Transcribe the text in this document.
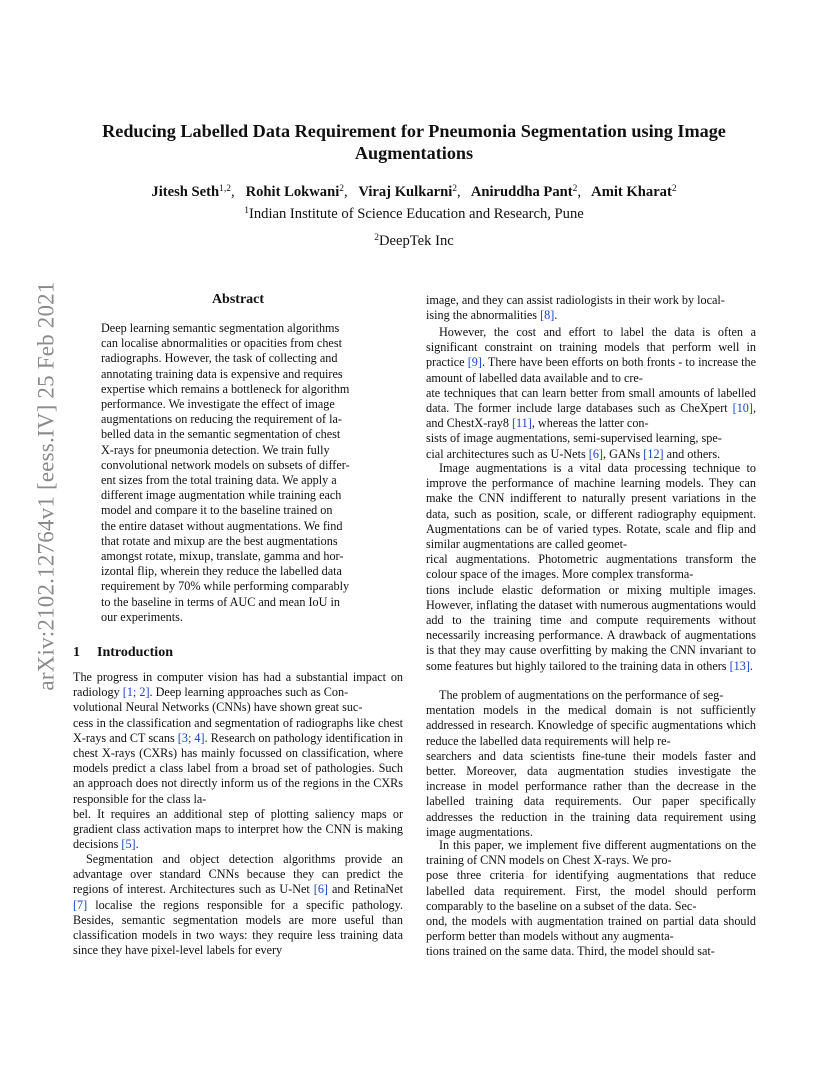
Reducing Labelled Data Requirement for Pneumonia Segmentation using Image Augmentations
Jitesh Seth$^{1,2}$,   Rohit Lokwani$^2$,   Viraj Kulkarni$^2$,   Aniruddha Pant$^2$,   Amit Kharat$^2$
$^1$Indian Institute of Science Education and Research, Pune
$^2$DeepTek Inc
arXiv:2102.12764v1 [eess.IV] 25 Feb 2021	Abstract
Deep learning semantic segmentation algorithms
can localise abnormalities or opacities from chest
radiographs. However, the task of collecting and
annotating training data is expensive and requires
expertise which remains a bottleneck for algorithm
performance. We investigate the effect of image
augmentations on reducing the requirement of la-
belled data in the semantic segmentation of chest
X-rays for pneumonia detection. We train fully
convolutional network models on subsets of differ-
ent sizes from the total training data. We apply a
different image augmentation while training each
model and compare it to the baseline trained on
the entire dataset without augmentations. We find
that rotate and mixup are the best augmentations
amongst rotate, mixup, translate, gamma and hor-
izontal flip, wherein they reduce the labelled data
requirement by 70% while performing comparably
to the baseline in terms of AUC and mean IoU in
our experiments.
1 Introduction
The progress in computer vision has had a substantial impact on radiology [1; 2]. Deep learning approaches such as Con-
volutional Neural Networks (CNNs) have shown great suc-
cess in the classification and segmentation of radiographs like chest X-rays and CT scans [3; 4]. Research on pathology identification in chest X-rays (CXRs) has mainly focussed on classification, where models predict a class label from a broad set of pathologies. Such an approach does not directly inform us of the regions in the CXRs responsible for the class la-
bel. It requires an additional step of plotting saliency maps or gradient class activation maps to interpret how the CNN is making decisions [5].
Segmentation and object detection algorithms provide an advantage over standard CNNs because they can predict the regions of interest. Architectures such as U-Net [6] and RetinaNet [7] localise the regions responsible for a specific pathology. Besides, semantic segmentation models are more useful than classification models in two ways: they require less training data since they have pixel-level labels for every
image, and they can assist radiologists in their work by local-
ising the abnormalities [8].
However, the cost and effort to label the data is often a significant constraint on training models that perform well in practice [9]. There have been efforts on both fronts - to increase the amount of labelled data available and to cre-
ate techniques that can learn better from small amounts of labelled data. The former include large databases such as CheXpert [10], and ChestX-ray8 [11], whereas the latter con-
sists of image augmentations, semi-supervised learning, spe-
cial architectures such as U-Nets [6], GANs [12] and others.
Image augmentations is a vital data processing technique to improve the performance of machine learning models. They can make the CNN indifferent to naturally present variations in the data, such as position, scale, or different radiography equipment. Augmentations can be of varied types. Rotate, scale and flip and similar augmentations are called geomet-
rical augmentations. Photometric augmentations transform the colour space of the images. More complex transforma-
tions include elastic deformation or mixing multiple images. However, inflating the dataset with numerous augmentations would add to the training time and compute requirements without necessarily increasing performance. A drawback of augmentations is that they may cause overfitting by making the CNN invariant to some features but highly tailored to the training data in others [13].
The problem of augmentations on the performance of seg-
mentation models in the medical domain is not sufficiently addressed in research. Knowledge of specific augmentations which reduce the labelled data requirements will help re-
searchers and data scientists fine-tune their models faster and better. Moreover, data augmentation studies investigate the increase in model performance rather than the decrease in the labelled training data requirements. Our paper specifically addresses the reduction in the training data requirement using image augmentations.
In this paper, we implement five different augmentations on the training of CNN models on Chest X-rays. We pro-
pose three criteria for identifying augmentations that reduce labelled data requirement. First, the model should perform comparably to the baseline on a subset of the data. Sec-
ond, the models with augmentation trained on partial data should perform better than models without any augmenta-
tions trained on the same data. Third, the model should sat-
